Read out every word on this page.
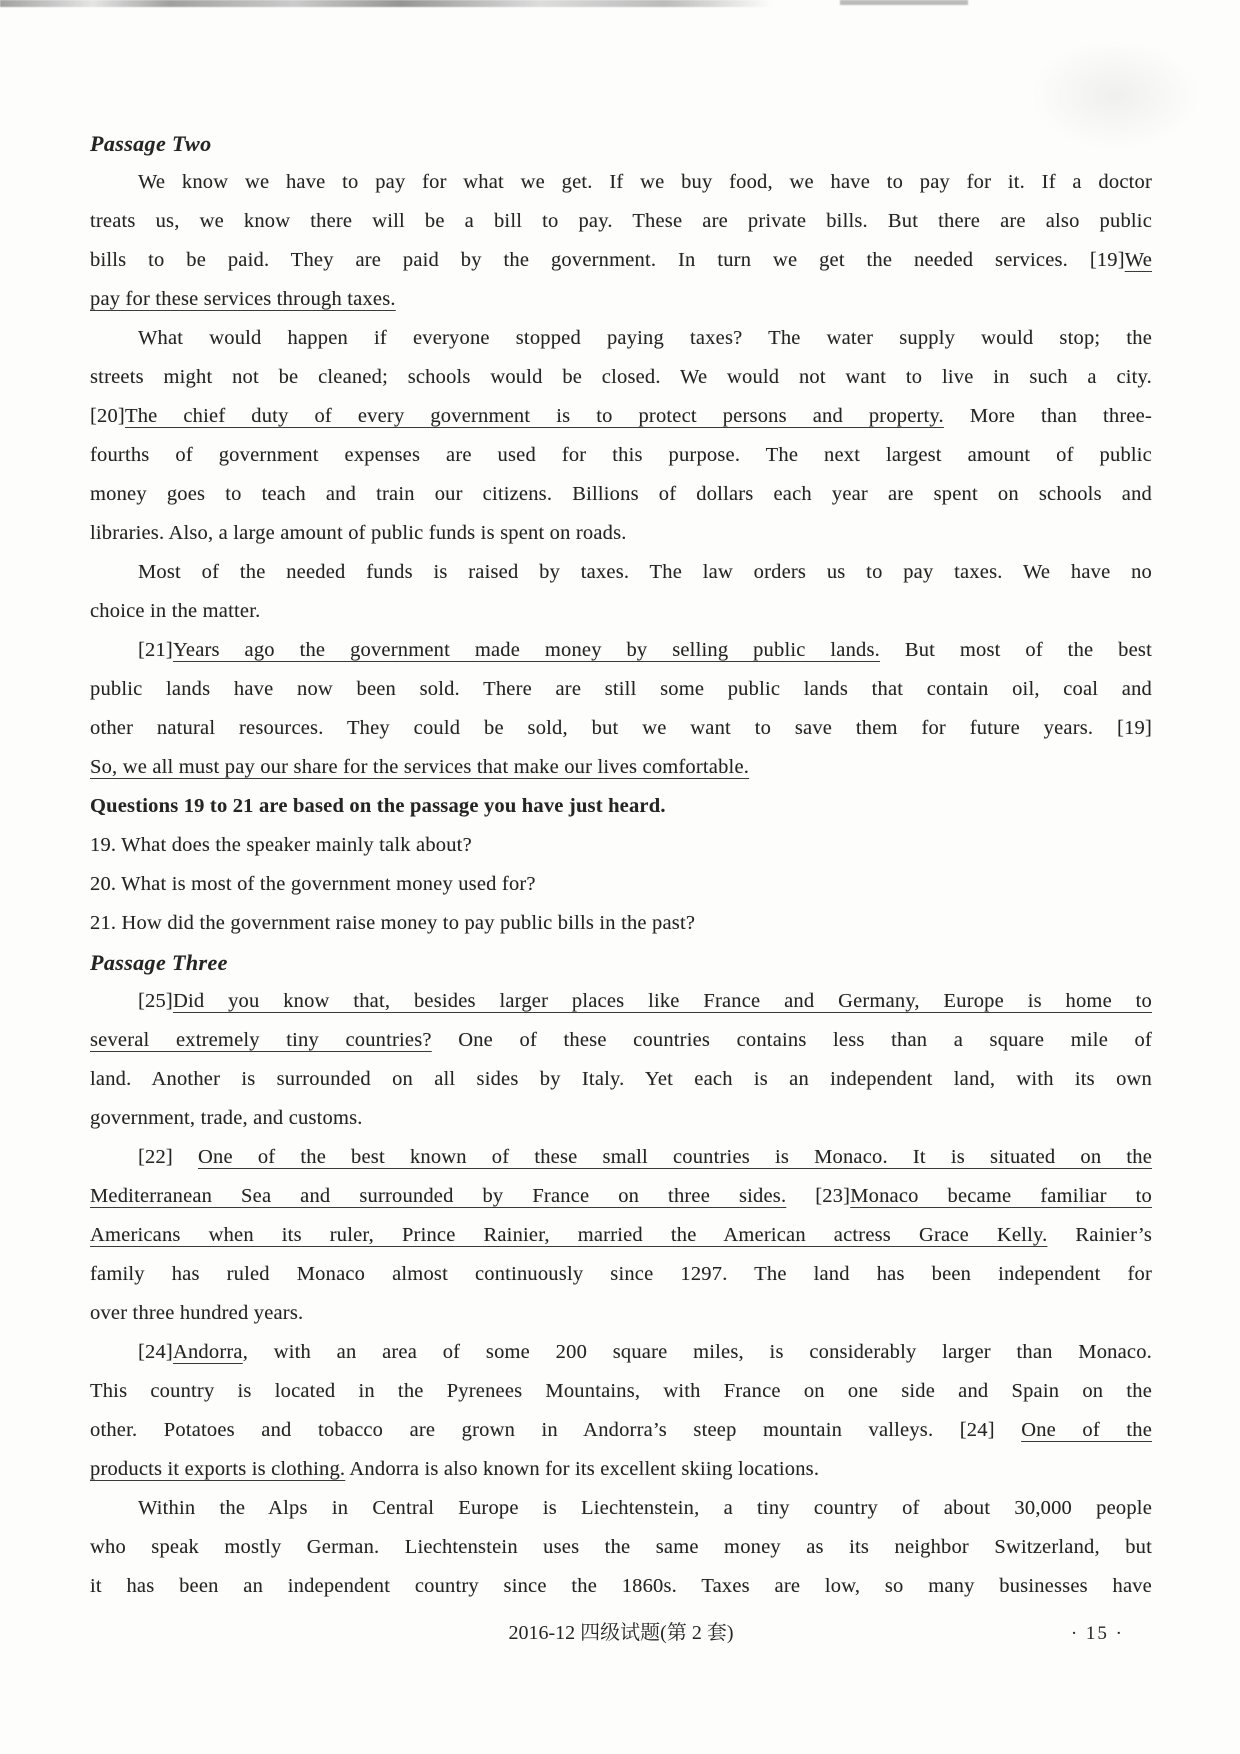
Passage Two
We know we have to pay for what we get. If we buy food, we have to pay for it. If a doctor
treats us, we know there will be a bill to pay. These are private bills. But there are also public
bills to be paid. They are paid by the government. In turn we get the needed services. [19]We
pay for these services through taxes.
What would happen if everyone stopped paying taxes? The water supply would stop; the
streets might not be cleaned; schools would be closed. We would not want to live in such a city.
[20]The chief duty of every government is to protect persons and property. More than three-
fourths of government expenses are used for this purpose. The next largest amount of public
money goes to teach and train our citizens. Billions of dollars each year are spent on schools and
libraries. Also, a large amount of public funds is spent on roads.
Most of the needed funds is raised by taxes. The law orders us to pay taxes. We have no
choice in the matter.
[21]Years ago the government made money by selling public lands. But most of the best
public lands have now been sold. There are still some public lands that contain oil, coal and
other natural resources. They could be sold, but we want to save them for future years. [19]
So, we all must pay our share for the services that make our lives comfortable.
Questions 19 to 21 are based on the passage you have just heard.
19. What does the speaker mainly talk about?
20. What is most of the government money used for?
21. How did the government raise money to pay public bills in the past?
Passage Three
[25]Did you know that, besides larger places like France and Germany, Europe is home to
several extremely tiny countries? One of these countries contains less than a square mile of
land. Another is surrounded on all sides by Italy. Yet each is an independent land, with its own
government, trade, and customs.
[22] One of the best known of these small countries is Monaco. It is situated on the
Mediterranean Sea and surrounded by France on three sides. [23]Monaco became familiar to
Americans when its ruler, Prince Rainier, married the American actress Grace Kelly. Rainier’s
family has ruled Monaco almost continuously since 1297. The land has been independent for
over three hundred years.
[24]Andorra, with an area of some 200 square miles, is considerably larger than Monaco.
This country is located in the Pyrenees Mountains, with France on one side and Spain on the
other. Potatoes and tobacco are grown in Andorra’s steep mountain valleys. [24] One of the
products it exports is clothing. Andorra is also known for its excellent skiing locations.
Within the Alps in Central Europe is Liechtenstein, a tiny country of about 30,000 people
who speak mostly German. Liechtenstein uses the same money as its neighbor Switzerland, but
it has been an independent country since the 1860s. Taxes are low, so many businesses have
2016-12 四级试题(第 2 套)	· 15 ·
